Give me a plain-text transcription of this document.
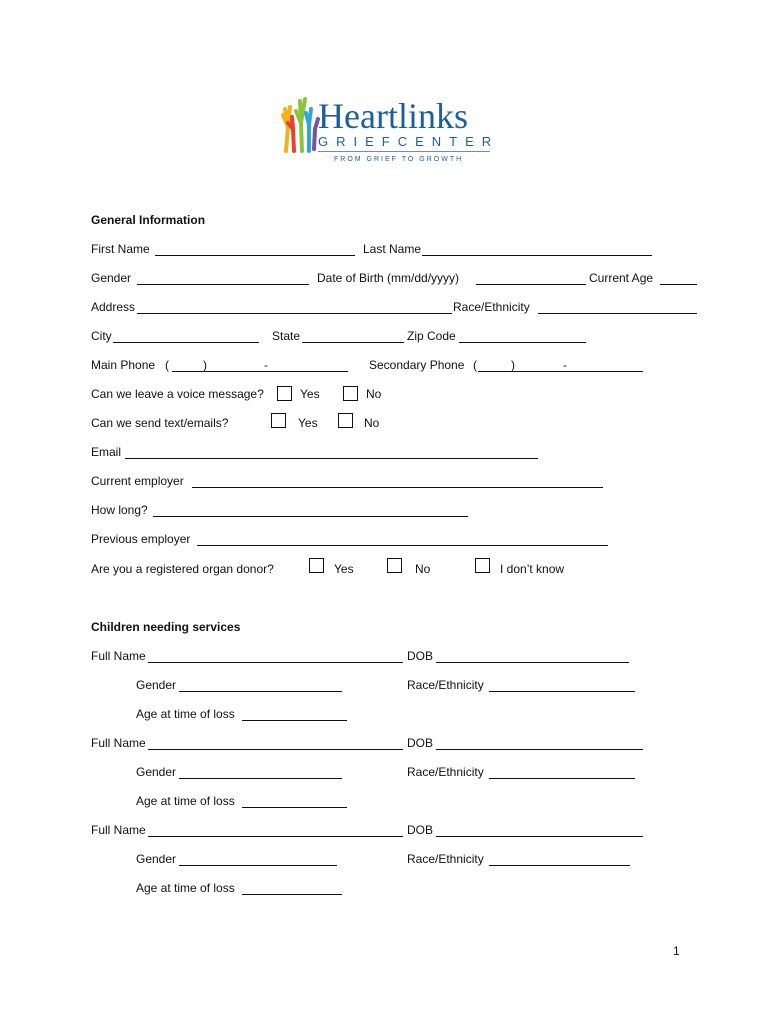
Heartlinks
GRIEFCENTER
FROM GRIEF TO GROWTH
General Information
First Name	Last Name
Gender	Date of Birth (mm/dd/yyyy)	Current Age
Address	Race/Ethnicity
City	State	Zip Code
Main Phone (	)	-	Secondary Phone (	)	-
Can we leave a voice message?	Yes	No
Can we send text/emails?	Yes	No
Email
Current employer
How long?
Previous employer
Are you a registered organ donor?	Yes	No	I don’t know
Children needing services
Full Name	DOB
Gender	Race/Ethnicity
Age at time of loss
Full Name	DOB
Gender	Race/Ethnicity
Age at time of loss
Full Name	DOB
Gender	Race/Ethnicity
Age at time of loss
1
